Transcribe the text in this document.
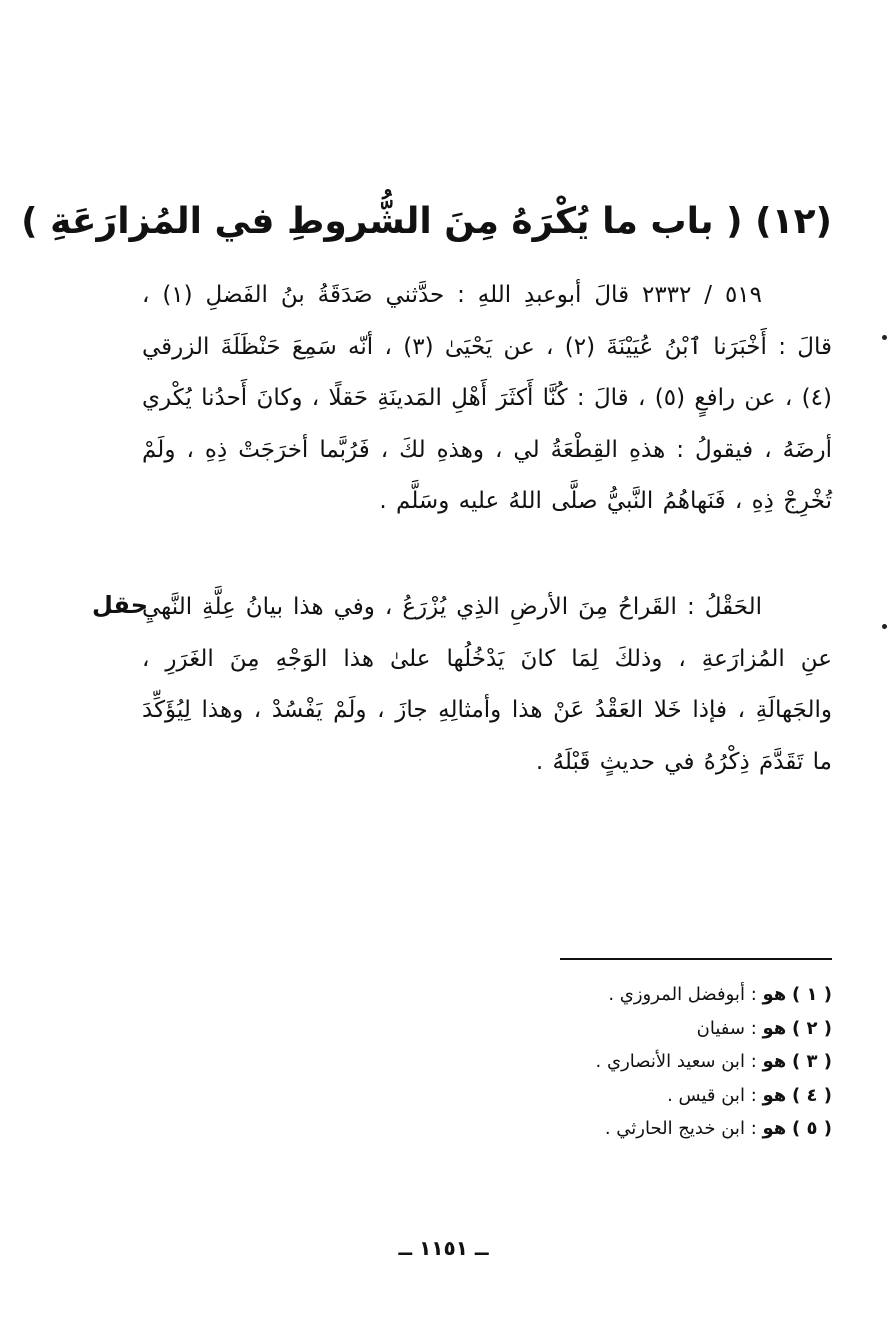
(١٢) ( باب ما يُكْرَهُ مِنَ الشُّروطِ في المُزارَعَةِ )
٥١٩ / ٢٣٣٢ قالَ أبوعبدِ اللهِ : حدَّثني صَدَقَةُ بنُ الفَضلِ (١) ، قالَ : أَخْبَرَنا ٱبْنُ عُيَيْنَةَ (٢) ، عن يَحْيَىٰ (٣) ، أنّه سَمِعَ حَنْظَلَةَ الزرقي (٤) ، عن رافعٍ (٥) ، قالَ : كُنَّا أَكثَرَ أَهْلِ المَدينَةِ حَقلًا ، وكانَ أَحدُنا يُكْري أرضَهُ ، فيقولُ : هذهِ القِطْعَةُ لي ، وهذهِ لكَ ، فَرُبَّما أخرَجَتْ ذِهِ ، ولَمْ تُخْرِجْ ذِهِ ، فَنَهاهُمُ النَّبيُّ صلَّى اللهُ عليه وسَلَّم .
حقل
الحَقْلُ : القَراحُ مِنَ الأرضِ الذِي يُزْرَعُ ، وفي هذا بيانُ عِلَّةِ النَّهيِ عنِ المُزارَعةِ ، وذلكَ لِمَا كانَ يَدْخُلُها علىٰ هذا الوَجْهِ مِنَ الغَرَرِ ، والجَهالَةِ ، فإذا خَلا العَقْدُ عَنْ هذا وأمثالِهِ جازَ ، ولَمْ يَفْسُدْ ، وهذا لِيُؤَكِّدَ ما تَقَدَّمَ ذِكْرُهُ في حديثٍ قَبْلَهُ .
( ١ ) هو : أبوفضل المروزي .
( ٢ ) هو : سفيان
( ٣ ) هو : ابن سعيد الأنصاري .
( ٤ ) هو : ابن قيس .
( ٥ ) هو : ابن خديج الحارثي .
ــ ١١٥١ ــ
